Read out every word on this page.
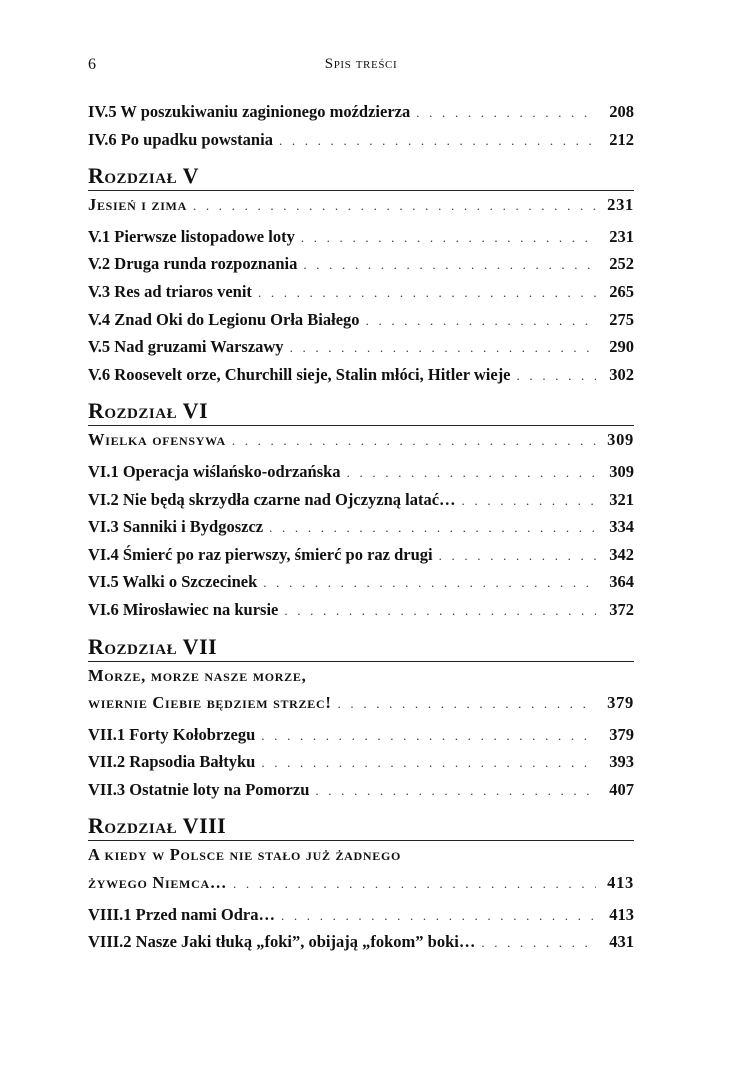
6	Spis treści
IV.5 W poszukiwaniu zaginionego moździerza . . .	208
IV.6 Po upadku powstania . . .	212
Rozdział V
Jesień i zima . . .	231
V.1 Pierwsze listopadowe loty . . .	231
V.2 Druga runda rozpoznania . . .	252
V.3 Res ad triaros venit . . .	265
V.4 Znad Oki do Legionu Orła Białego . . .	275
V.5 Nad gruzami Warszawy . . .	290
V.6 Roosevelt orze, Churchill sieje, Stalin młóci, Hitler wieje . . .	302
Rozdział VI
Wielka ofensywa . . .	309
VI.1 Operacja wiślańsko-odrzańska . . .	309
VI.2 Nie będą skrzydła czarne nad Ojczyzną latać… . . .	321
VI.3 Sanniki i Bydgoszcz . . .	334
VI.4 Śmierć po raz pierwszy, śmierć po raz drugi . . .	342
VI.5 Walki o Szczecinek . . .	364
VI.6 Mirosławiec na kursie . . .	372
Rozdział VII
Morze, morze nasze morze,
wiernie Ciebie będziem strzec! . . .	379
VII.1 Forty Kołobrzegu . . .	379
VII.2 Rapsodia Bałtyku . . .	393
VII.3 Ostatnie loty na Pomorzu . . .	407
Rozdział VIII
A kiedy w Polsce nie stało już żadnego
żywego Niemca… . . .	413
VIII.1 Przed nami Odra… . . .	413
VIII.2 Nasze Jaki tłuką „foki”, obijają „fokom” boki… . . .	431
